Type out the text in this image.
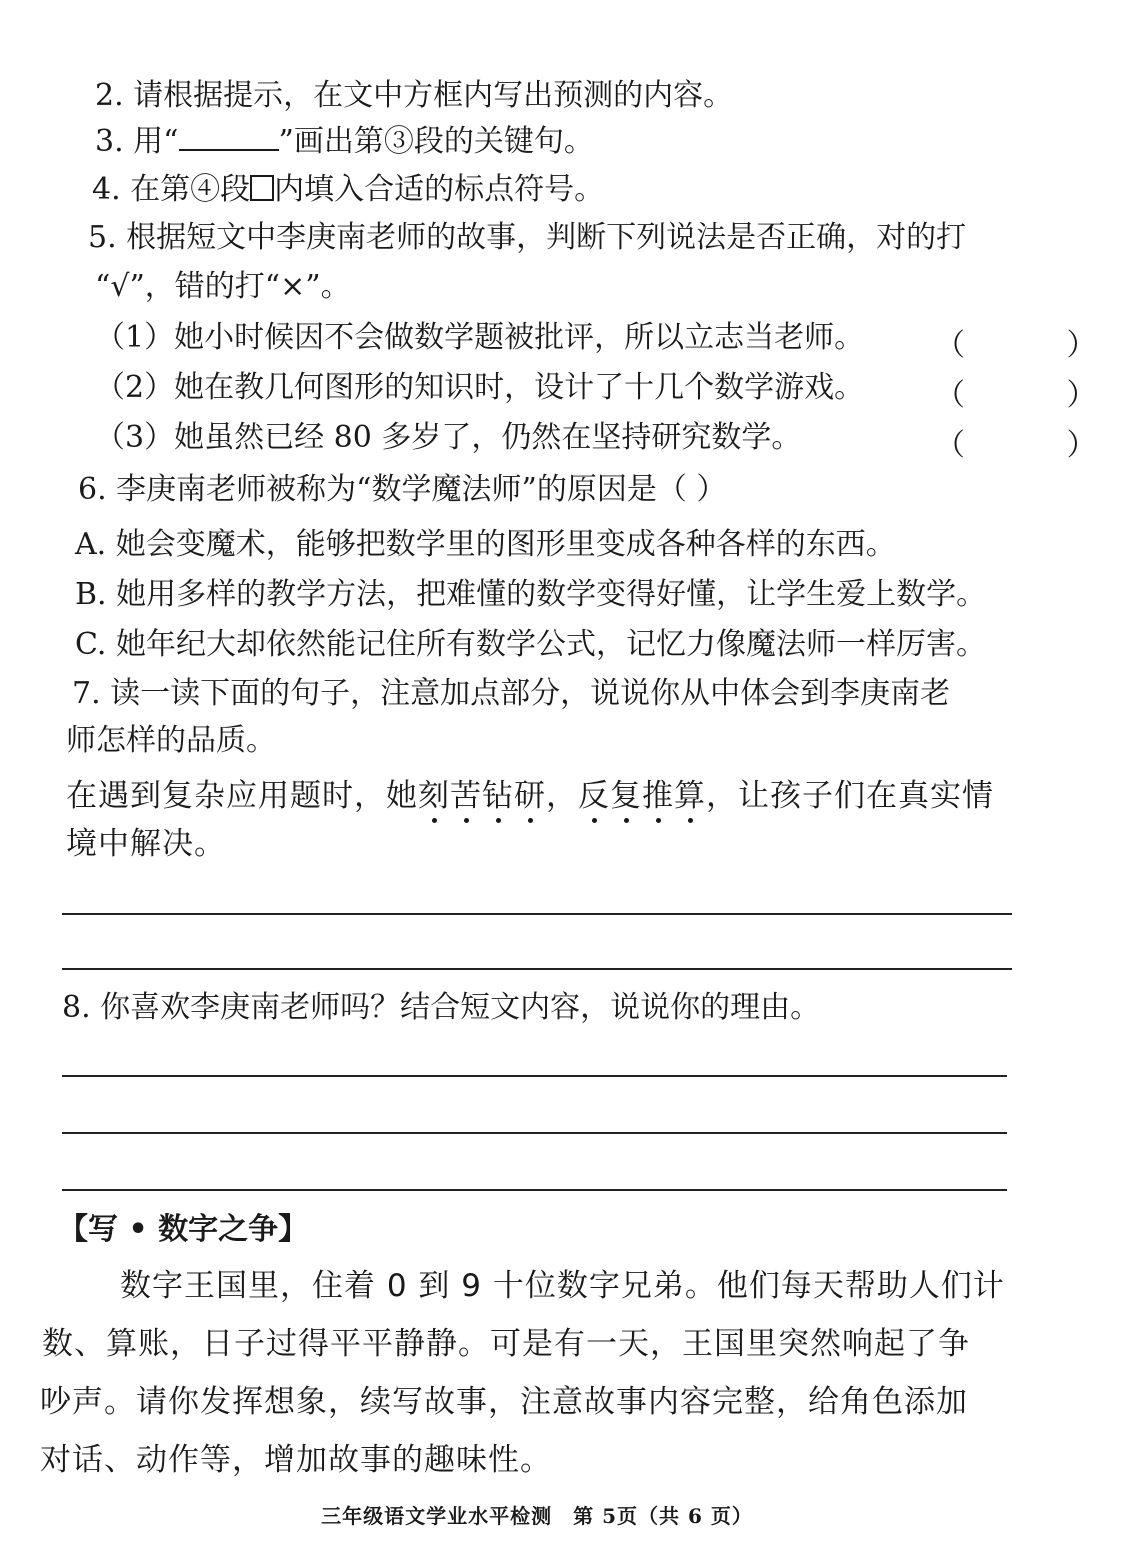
2. 请根据提示，在文中方框内写出预测的内容。
3. 用“	”画出第③段的关键句。
4. 在第④段 内填入合适的标点符号。
5. 根据短文中李庚南老师的故事，判断下列说法是否正确，对的打
“√”，错的打“×”。
（1）她小时候因不会做数学题被批评，所以立志当老师。 （ ）
（2）她在教几何图形的知识时，设计了十几个数学游戏。 （ ）
（3）她虽然已经 80 多岁了，仍然在坚持研究数学。	（ ）
6. 李庚南老师被称为“数学魔法师”的原因是（ ）
A. 她会变魔术，能够把数学里的图形里变成各种各样的东西。
B. 她用多样的教学方法，把难懂的数学变得好懂，让学生爱上数学。
C. 她年纪大却依然能记住所有数学公式，记忆力像魔法师一样厉害。
7. 读一读下面的句子，注意加点部分，说说你从中体会到李庚南老
师怎样的品质。
在遇到复杂应用题时，她刻苦钻研，反复推算，让孩子们在真实情
境中解决。
8. 你喜欢李庚南老师吗？结合短文内容，说说你的理由。
【写 • 数字之争】
数字王国里，住着 0 到 9 十位数字兄弟。他们每天帮助人们计
数、算账，日子过得平平静静。可是有一天，王国里突然响起了争
吵声。请你发挥想象，续写故事，注意故事内容完整，给角色添加
对话、动作等，增加故事的趣味性。
三年级语文学业水平检测　第 5页（共 6 页）
